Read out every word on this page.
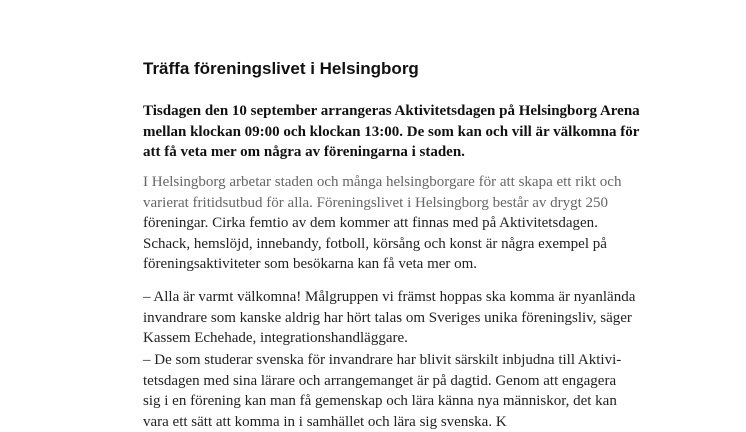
Träffa föreningslivet i Helsingborg

Tisdagen den 10 september arrangeras Aktivitetsdagen på Helsingborg Arena
mellan klockan 09:00 och klockan 13:00. De som kan och vill är välkomna för
att få veta mer om några av föreningarna i staden.

I Helsingborg arbetar staden och många helsingborgare för att skapa ett rikt och
varierat fritidsutbud för alla. Föreningslivet i Helsingborg består av drygt 250
föreningar. Cirka femtio av dem kommer att finnas med på Aktivitetsdagen.
Schack, hemslöjd, innebandy, fotboll, körsång och konst är några exempel på
föreningsaktiviteter som besökarna kan få veta mer om.

– Alla är varmt välkomna! Målgruppen vi främst hoppas ska komma är nyanlända
invandrare som kanske aldrig har hört talas om Sveriges unika föreningsliv, säger
Kassem Echehade, integrationshandläggare.

– De som studerar svenska för invandrare har blivit särskilt inbjudna till Aktivi-
tetsdagen med sina lärare och arrangemanget är på dagtid. Genom att engagera
sig i en förening kan man få gemenskap och lära känna nya människor, det kan
vara ett sätt att komma in i samhället och lära sig svenska. K
